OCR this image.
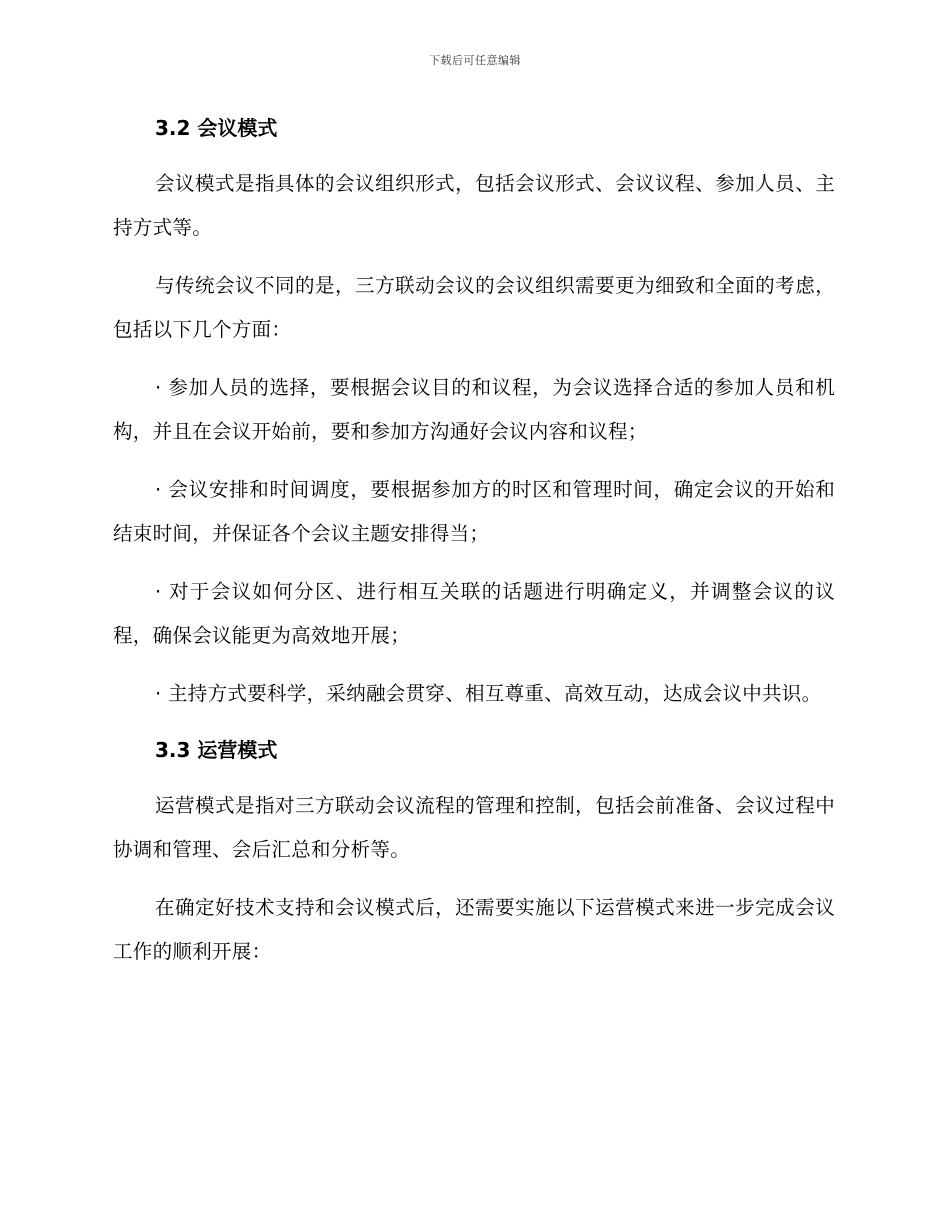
下载后可任意编辑
3.2 会议模式

会议模式是指具体的会议组织形式，包括会议形式、会议议程、参加人员、主持方式等。

与传统会议不同的是，三方联动会议的会议组织需要更为细致和全面的考虑，包括以下几个方面：

· 参加人员的选择，要根据会议目的和议程，为会议选择合适的参加人员和机构，并且在会议开始前，要和参加方沟通好会议内容和议程；

· 会议安排和时间调度，要根据参加方的时区和管理时间，确定会议的开始和结束时间，并保证各个会议主题安排得当；

· 对于会议如何分区、进行相互关联的话题进行明确定义，并调整会议的议程，确保会议能更为高效地开展；

· 主持方式要科学，采纳融会贯穿、相互尊重、高效互动，达成会议中共识。

3.3 运营模式

运营模式是指对三方联动会议流程的管理和控制，包括会前准备、会议过程中协调和管理、会后汇总和分析等。

在确定好技术支持和会议模式后，还需要实施以下运营模式来进一步完成会议工作的顺利开展：
